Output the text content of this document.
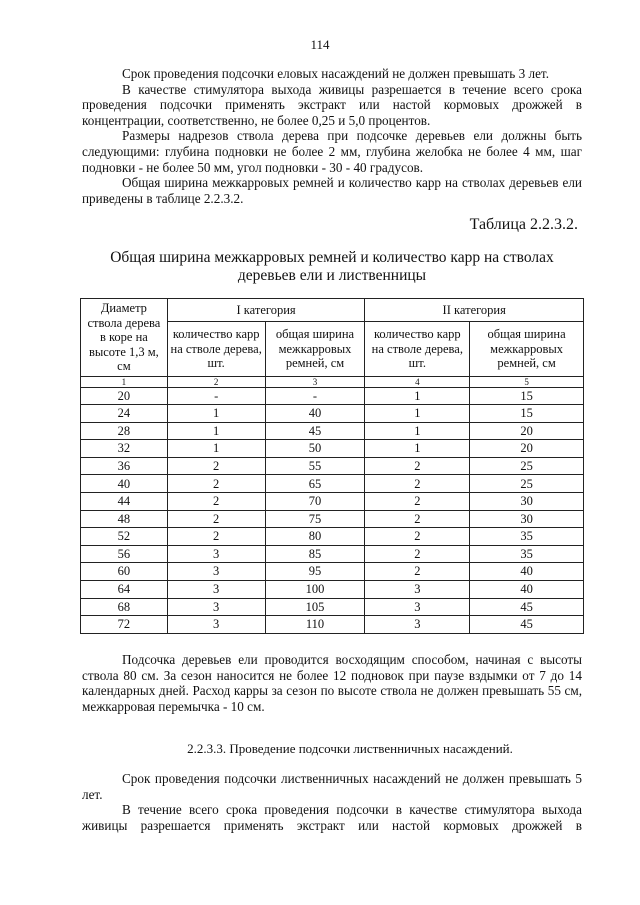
114

Срок проведения подсочки еловых насаждений не должен превышать 3 лет.

В качестве стимулятора выхода живицы разрешается в течение всего срока проведения подсочки применять экстракт или настой кормовых дрожжей в концентрации, соответственно, не более 0,25 и 5,0 процентов.

Размеры надрезов ствола дерева при подсочке деревьев ели должны быть следующими: глубина подновки не более 2 мм, глубина желобка не более 4 мм, шаг подновки - не более 50 мм, угол подновки - 30 - 40 градусов.

Общая ширина межкарровых ремней и количество карр на стволах деревьев ели приведены в таблице 2.2.3.2.

Таблица 2.2.3.2.
Общая ширина межкарровых ремней и количество карр на стволах деревьев ели и лиственницы
Диаметр ствола дерева в коре на высоте 1,3 м, см	I категория		II категория	
	количество карр на стволе дерева, шт.	общая ширина межкарровых ремней, см	количество карр на стволе дерева, шт.	общая ширина межкарровых ремней, см
1	2	3	4	5
20	-	-	1	15
24	1	40	1	15
28	1	45	1	20
32	1	50	1	20
36	2	55	2	25
40	2	65	2	25
44	2	70	2	30
48	2	75	2	30
52	2	80	2	35
56	3	85	2	35
60	3	95	2	40
64	3	100	3	40
68	3	105	3	45
72	3	110	3	45

Подсочка деревьев ели проводится восходящим способом, начиная с высоты ствола 80 см. За сезон наносится не более 12 подновок при паузе вздымки от 7 до 14 календарных дней. Расход карры за сезон по высоте ствола не должен превышать 55 см, межкарровая перемычка - 10 см.

2.2.3.3. Проведение подсочки лиственничных насаждений.

Срок проведения подсочки лиственничных насаждений не должен превышать 5 лет.

В течение всего срока проведения подсочки в качестве стимулятора выхода живицы разрешается применять экстракт или настой кормовых дрожжей в
